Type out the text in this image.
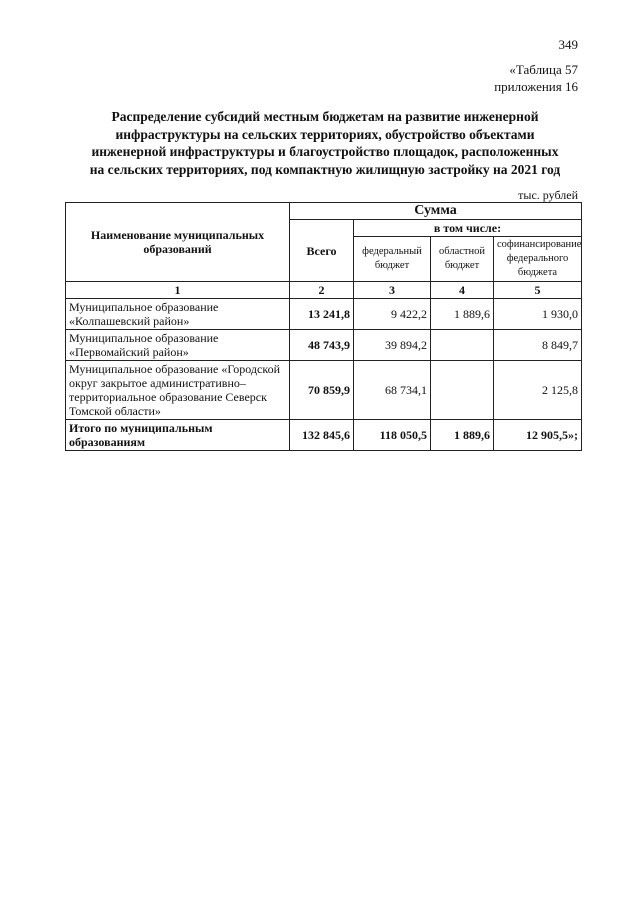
349
«Таблица 57
приложения 16
Распределение субсидий местным бюджетам на развитие инженерной
инфраструктуры на сельских территориях, обустройство объектами
инженерной инфраструктуры и благоустройство площадок, расположенных
на сельских территориях, под компактную жилищную застройку на 2021 год
тыс. рублей
Наименование муниципальных образований	Сумма			
	Всего	в том числе:		
		федеральный бюджет	областной бюджет	софинансирование федерального бюджета
1	2	3	4	5
Муниципальное образование «Колпашевский район»	13 241,8	9 422,2	1 889,6	1 930,0
Муниципальное образование «Первомайский район»	48 743,9	39 894,2		8 849,7
Муниципальное образование «Городской округ закрытое административно–территориальное образование Северск Томской области»	70 859,9	68 734,1		2 125,8
Итого по муниципальным образованиям	132 845,6	118 050,5	1 889,6	12 905,5»;
